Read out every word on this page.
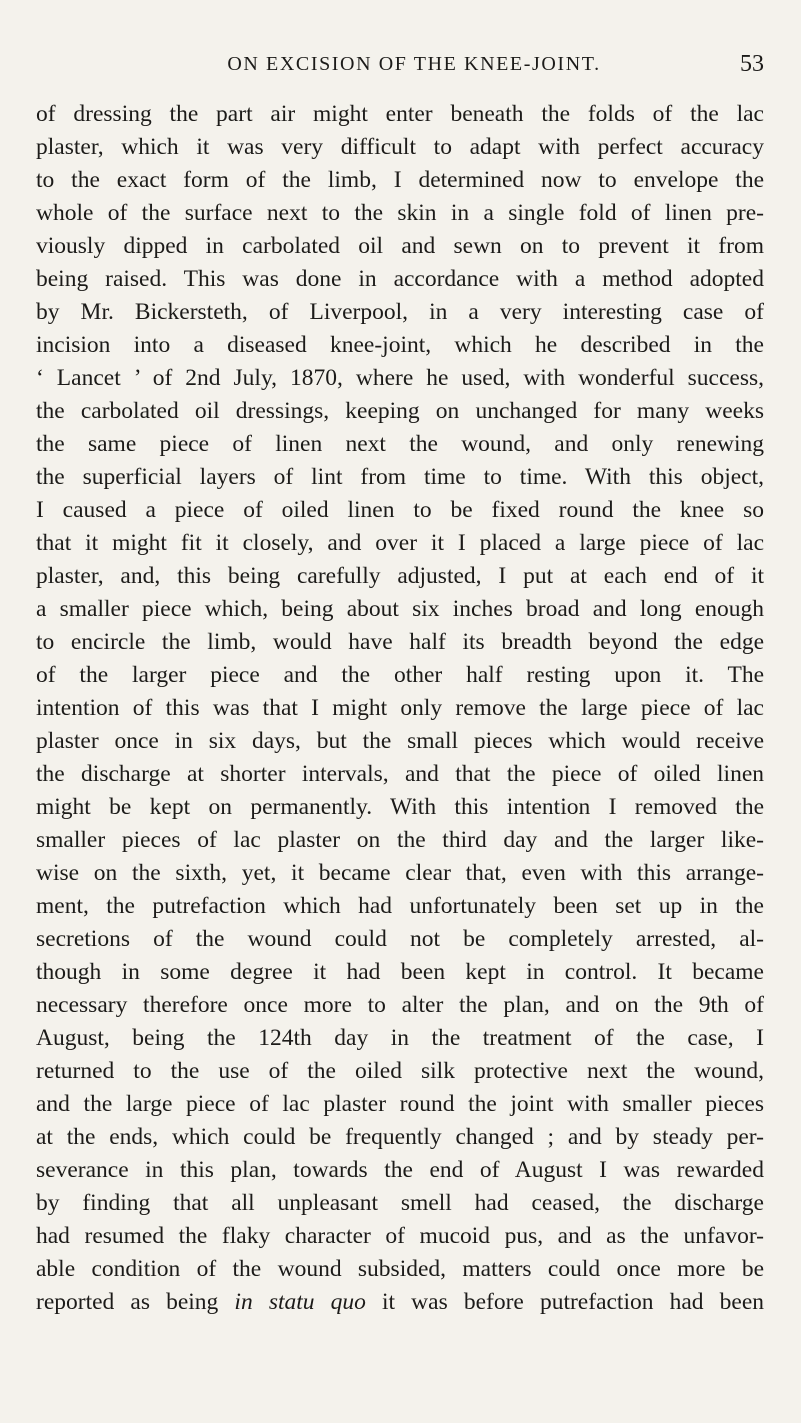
ON EXCISION OF THE KNEE-JOINT.	53
of dressing the part air might enter beneath the folds of the lac
plaster, which it was very difficult to adapt with perfect accuracy
to the exact form of the limb, I determined now to envelope the
whole of the surface next to the skin in a single fold of linen pre-
viously dipped in carbolated oil and sewn on to prevent it from
being raised. This was done in accordance with a method adopted
by Mr. Bickersteth, of Liverpool, in a very interesting case of
incision into a diseased knee-joint, which he described in the
‘ Lancet ’ of 2nd July, 1870, where he used, with wonderful success,
the carbolated oil dressings, keeping on unchanged for many weeks
the same piece of linen next the wound, and only renewing
the superficial layers of lint from time to time. With this object,
I caused a piece of oiled linen to be fixed round the knee so
that it might fit it closely, and over it I placed a large piece of lac
plaster, and, this being carefully adjusted, I put at each end of it
a smaller piece which, being about six inches broad and long enough
to encircle the limb, would have half its breadth beyond the edge
of the larger piece and the other half resting upon it. The
intention of this was that I might only remove the large piece of lac
plaster once in six days, but the small pieces which would receive
the discharge at shorter intervals, and that the piece of oiled linen
might be kept on permanently. With this intention I removed the
smaller pieces of lac plaster on the third day and the larger like-
wise on the sixth, yet, it became clear that, even with this arrange-
ment, the putrefaction which had unfortunately been set up in the
secretions of the wound could not be completely arrested, al-
though in some degree it had been kept in control. It became
necessary therefore once more to alter the plan, and on the 9th of
August, being the 124th day in the treatment of the case, I
returned to the use of the oiled silk protective next the wound,
and the large piece of lac plaster round the joint with smaller pieces
at the ends, which could be frequently changed ; and by steady per-
severance in this plan, towards the end of August I was rewarded
by finding that all unpleasant smell had ceased, the discharge
had resumed the flaky character of mucoid pus, and as the unfavor-
able condition of the wound subsided, matters could once more be
reported as being in statu quo it was before putrefaction had been
